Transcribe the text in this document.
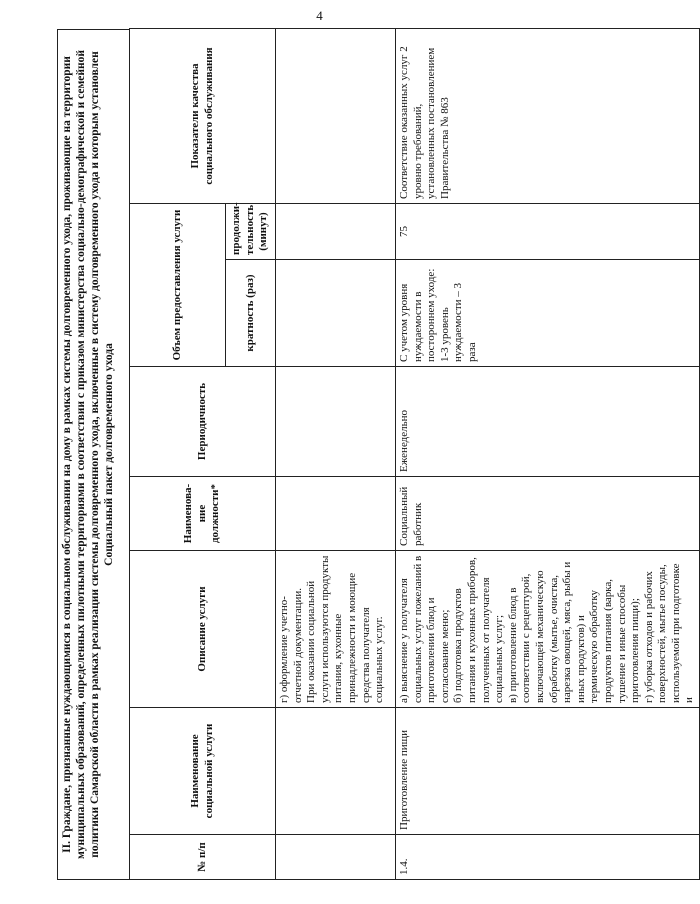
4
II. Граждане, признанные нуждающимися в социальном обслуживании на дому в рамках системы долговременного ухода, проживающие на территории муниципальных образований, определенных пилотными территориями в соответствии с приказом министерства социально-демографической и семейной политики Самарской области в рамках реализации системы долговременного ухода, включенные в систему долговременного ухода и которым установлен Социальный пакет долговременного ухода
№ п/п	Наименование социальной услуги	Описание услуги	Наименова-ние должности*	Периодичность	Объем предоставления услуги		Показатели качества социального обслуживания
					кратность (раз)	продолжи-тельность (минут)	
		г) оформление учетно-отчетной документации.
При оказании социальной услуги используются продукты питания, кухонные принадлежности и моющие средства получателя социальных услуг.					
1.4.	Приготовление пищи	а) выяснение у получателя социальных услуг пожеланий в приготовлении блюд и согласование меню;
б) подготовка продуктов питания и кухонных приборов, полученных от получателя социальных услуг;
в) приготовление блюд в соответствии с рецептурой, включающей механическую обработку (мытье, очистка, нарезка овощей, мяса, рыбы и иных продуктов) и термическую обработку продуктов питания (варка, тушение и иные способы приготовления пищи);
г) уборка отходов и рабочих поверхностей, мытье посуды, используемой при подготовке и	Социальный работник	Еженедельно	С учетом уровня нуждаемости в постороннем уходе:
1-3 уровень нуждаемости – 3 раза	75	Соответствие оказанных услуг 2 уровню требований, установленных постановлением Правительства № 863
